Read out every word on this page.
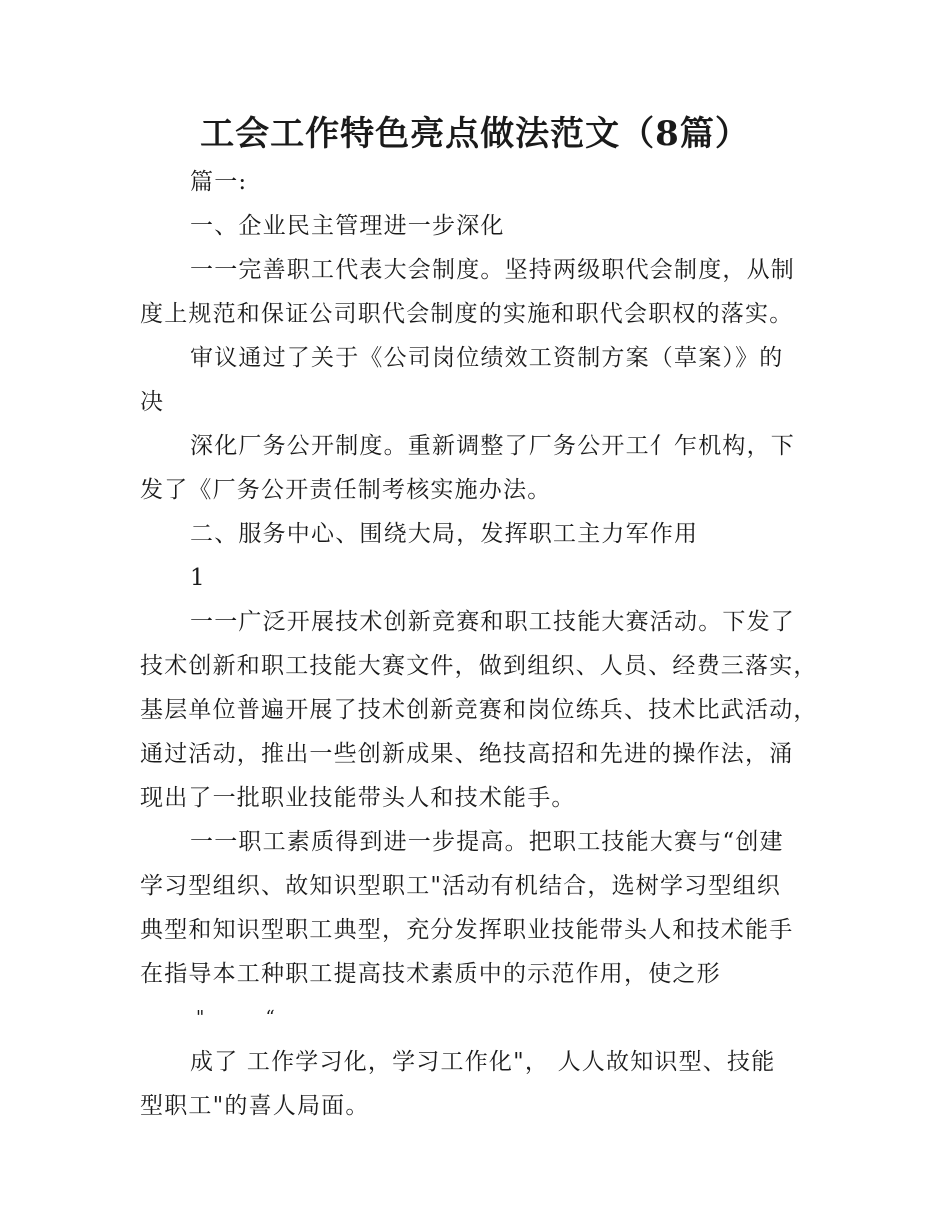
工会工作特色亮点做法范文（8篇）
篇一:
一、企业民主管理进一步深化
一一完善职工代表大会制度。坚持两级职代会制度，从制
度上规范和保证公司职代会制度的实施和职代会职权的落实。
审议通过了关于《公司岗位绩效工资制方案（草案）》的
决
深化厂务公开制度。重新调整了厂务公开工亻乍机构，下
发了《厂务公开责任制考核实施办法。
二、服务中心、围绕大局，发挥职工主力军作用
1
一一广泛开展技术创新竞赛和职工技能大赛活动。下发了
技术创新和职工技能大赛文件，做到组织、人员、经费三落实，
基层单位普遍开展了技术创新竞赛和岗位练兵、技术比武活动，
通过活动，推出一些创新成果、绝技高招和先进的操作法，涌
现出了一批职业技能带头人和技术能手。
一一职工素质得到进一步提高。把职工技能大赛与“创建
学习型组织、故知识型职工"活动有机结合，选树学习型组织
典型和知识型职工典型，充分发挥职业技能带头人和技术能手
在指导本工种职工提高技术素质中的示范作用，使之形
"	“
成了 工作学习化，学习工作化"， 人人故知识型、技能
型职工"的喜人局面。
